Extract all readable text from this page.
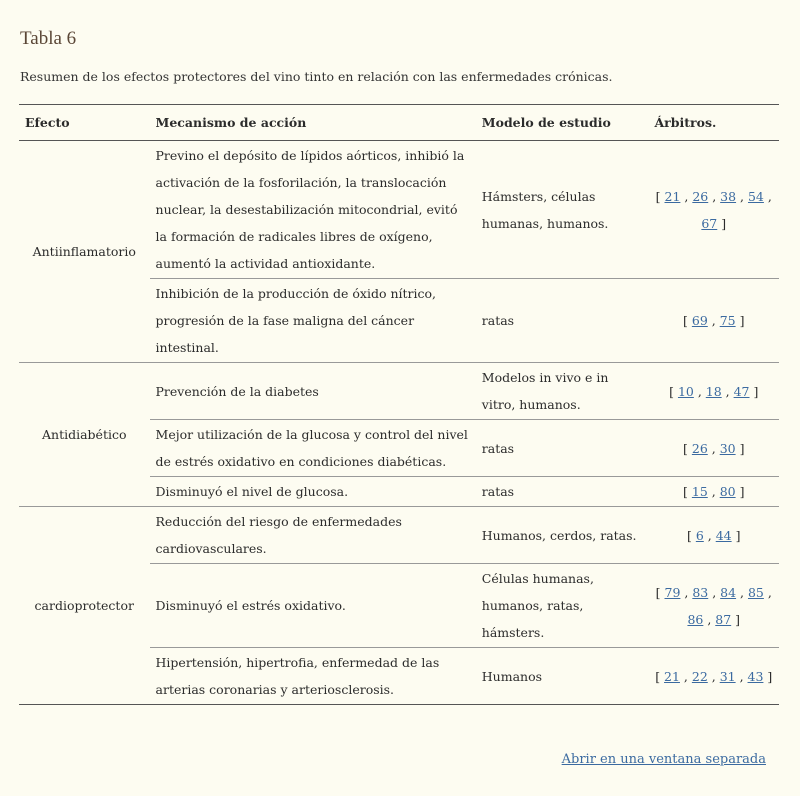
Tabla 6
Resumen de los efectos protectores del vino tinto en relación con las enfermedades crónicas.
Efecto	Mecanismo de acción	Modelo de estudio	Árbitros.
Antiinflamatorio	Previno el depósito de lípidos aórticos, inhibió la activación de la fosforilación, la translocación nuclear, la desestabilización mitocondrial, evitó la formación de radicales libres de oxígeno, aumentó la actividad antioxidante.	Hámsters, células humanas, humanos.	[ 21 , 26 , 38 , 54 , 67 ]
	Inhibición de la producción de óxido nítrico, progresión de la fase maligna del cáncer intestinal.	ratas	[ 69 , 75 ]
Antidiabético	Prevención de la diabetes	Modelos in vivo e in vitro, humanos.	[ 10 , 18 , 47 ]
	Mejor utilización de la glucosa y control del nivel de estrés oxidativo en condiciones diabéticas.	ratas	[ 26 , 30 ]
	Disminuyó el nivel de glucosa.	ratas	[ 15 , 80 ]
cardioprotector	Reducción del riesgo de enfermedades cardiovasculares.	Humanos, cerdos, ratas.	[ 6 , 44 ]
	Disminuyó el estrés oxidativo.	Células humanas, humanos, ratas, hámsters.	[ 79 , 83 , 84 , 85 , 86 , 87 ]
	Hipertensión, hipertrofia, enfermedad de las arterias coronarias y arteriosclerosis.	Humanos	[ 21 , 22 , 31 , 43 ]
Abrir en una ventana separada
